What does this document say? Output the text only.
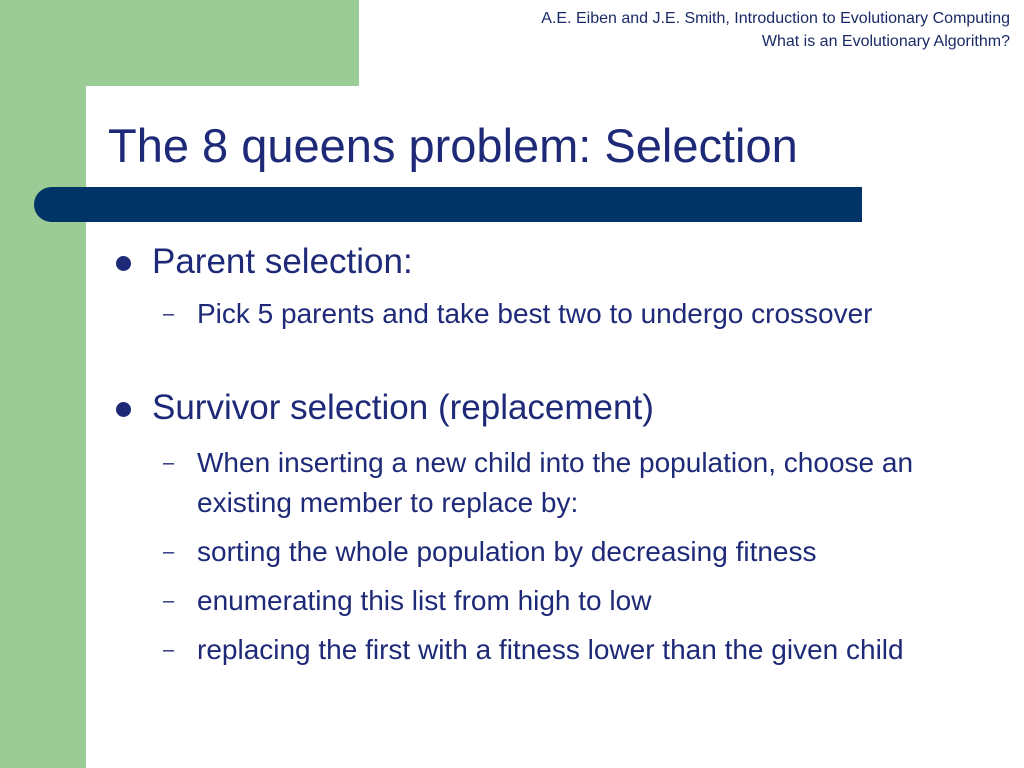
A.E. Eiben and J.E. Smith, Introduction to Evolutionary Computing
What is an Evolutionary Algorithm?
The 8 queens problem: Selection
Parent selection:
– Pick 5 parents and take best two to undergo crossover
Survivor selection (replacement)
– When inserting a new child into the population, choose an existing member to replace by:
– sorting the whole population by decreasing fitness
– enumerating this list from high to low
– replacing the first with a fitness lower than the given child
